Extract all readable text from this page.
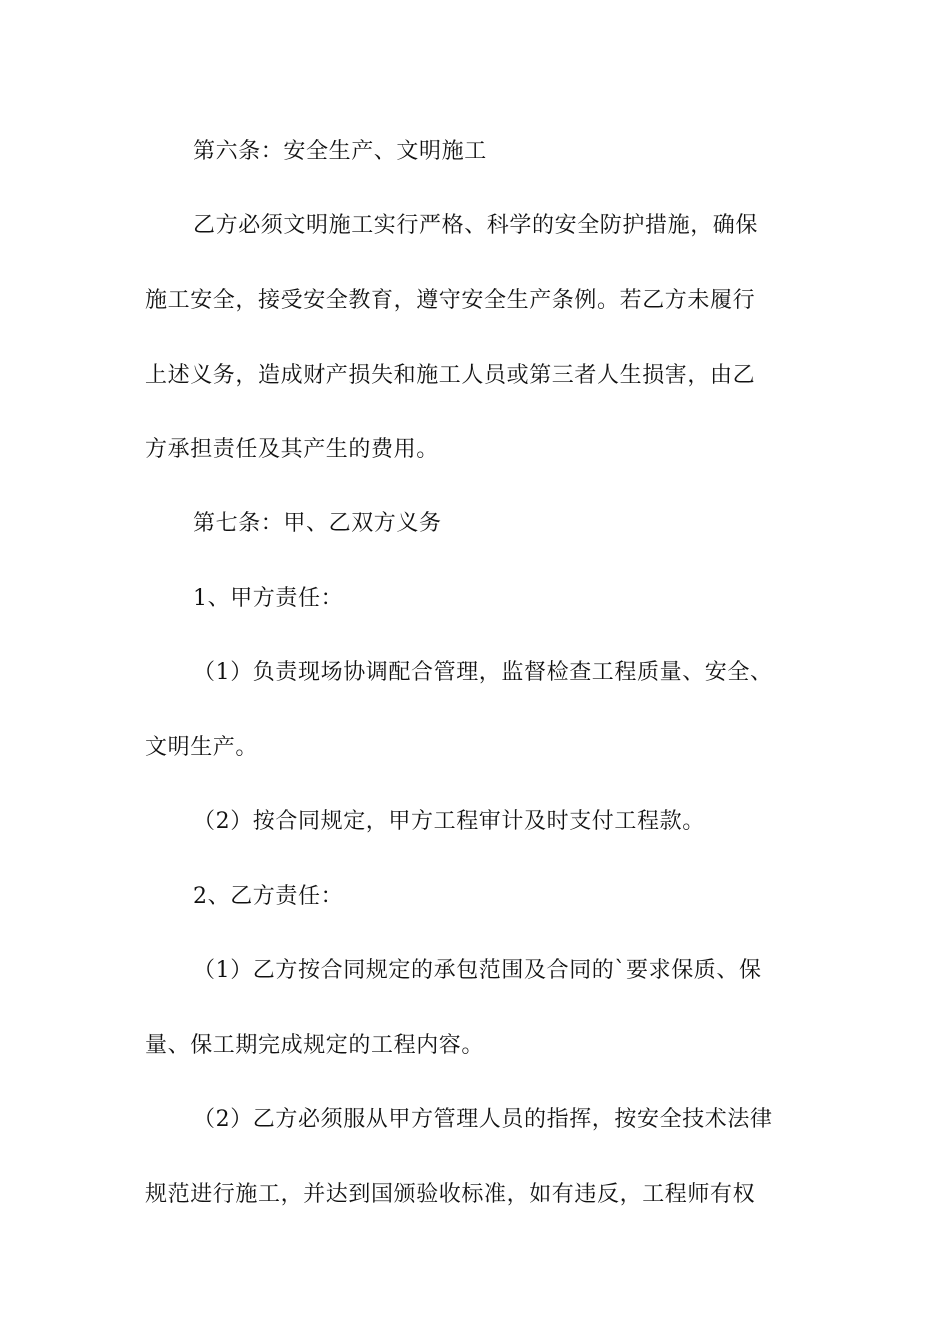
第六条：安全生产、文明施工
乙方必须文明施工实行严格、科学的安全防护措施，确保
施工安全，接受安全教育，遵守安全生产条例。若乙方未履行
上述义务，造成财产损失和施工人员或第三者人生损害，由乙
方承担责任及其产生的费用。
第七条：甲、乙双方义务
1、甲方责任：
（1）负责现场协调配合管理，监督检查工程质量、安全、
文明生产。
（2）按合同规定，甲方工程审计及时支付工程款。
2、乙方责任：
（1）乙方按合同规定的承包范围及合同的`要求保质、保
量、保工期完成规定的工程内容。
（2）乙方必须服从甲方管理人员的指挥，按安全技术法律
规范进行施工，并达到国颁验收标准，如有违反，工程师有权
